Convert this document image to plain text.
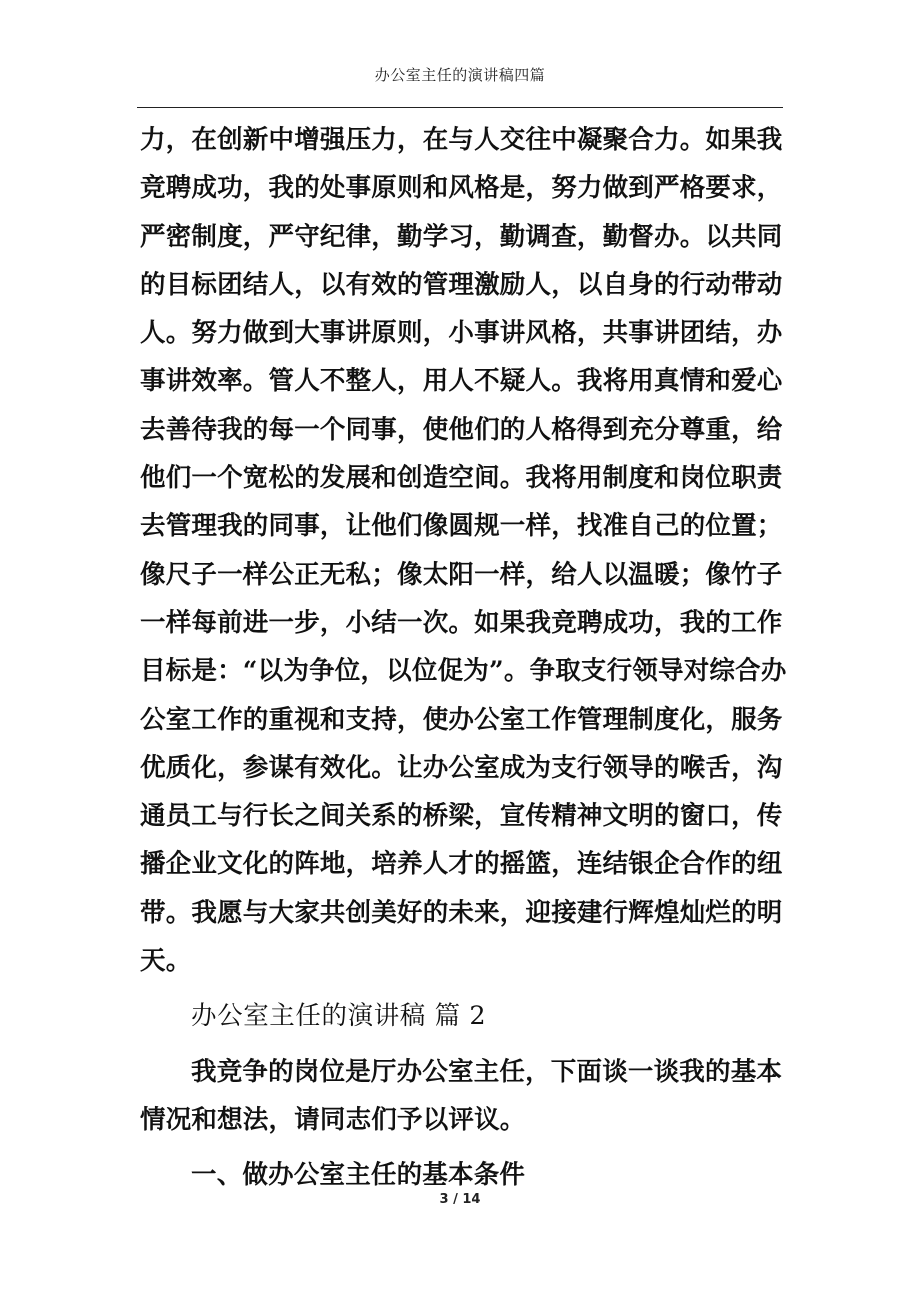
办公室主任的演讲稿四篇
力，在创新中增强压力，在与人交往中凝聚合力。如果我
竞聘成功，我的处事原则和风格是，努力做到严格要求，
严密制度，严守纪律，勤学习，勤调查，勤督办。以共同
的目标团结人，以有效的管理激励人，以自身的行动带动
人。努力做到大事讲原则，小事讲风格，共事讲团结，办
事讲效率。管人不整人，用人不疑人。我将用真情和爱心
去善待我的每一个同事，使他们的人格得到充分尊重，给
他们一个宽松的发展和创造空间。我将用制度和岗位职责
去管理我的同事，让他们像圆规一样，找准自己的位置；
像尺子一样公正无私；像太阳一样，给人以温暖；像竹子
一样每前进一步，小结一次。如果我竞聘成功，我的工作
目标是：“以为争位，以位促为”。争取支行领导对综合办
公室工作的重视和支持，使办公室工作管理制度化，服务
优质化，参谋有效化。让办公室成为支行领导的喉舌，沟
通员工与行长之间关系的桥梁，宣传精神文明的窗口，传
播企业文化的阵地，培养人才的摇篮，连结银企合作的纽
带。我愿与大家共创美好的未来，迎接建行辉煌灿烂的明
天。
办公室主任的演讲稿 篇 2
我竞争的岗位是厅办公室主任，下面谈一谈我的基本
情况和想法，请同志们予以评议。
一、做办公室主任的基本条件
3 / 14
